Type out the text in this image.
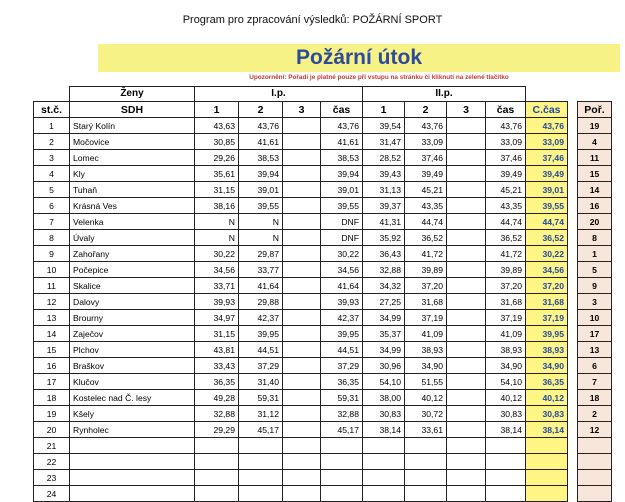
Program pro zpracování výsledků: POŽÁRNÍ SPORT
Požární útok
Upozornění: Pořadí je platné pouze při vstupu na stránku či kliknutí na zelené tlačítko
	Ženy	I.p.				II.p.						
st.č.	SDH	1	2	3	čas	1	2	3	čas	C.čas		Poř.
1	Starý Kolín	43,63	43,76		43,76	39,54	43,76		43,76	43,76		19
2	Močovice	30,85	41,61		41,61	31,47	33,09		33,09	33,09		4
3	Lomec	29,26	38,53		38,53	28,52	37,46		37,46	37,46		11
4	Kly	35,61	39,94		39,94	39,43	39,49		39,49	39,49		15
5	Tuhaň	31,15	39,01		39,01	31,13	45,21		45,21	39,01		14
6	Krásná Ves	38,16	39,55		39,55	39,37	43,35		43,35	39,55		16
7	Velenka	N	N		DNF	41,31	44,74		44,74	44,74		20
8	Úvaly	N	N		DNF	35,92	36,52		36,52	36,52		8
9	Zahořany	30,22	29,87		30,22	36,43	41,72		41,72	30,22		1
10	Počepice	34,56	33,77		34,56	32,88	39,89		39,89	34,56		5
11	Skalice	33,71	41,64		41,64	34,32	37,20		37,20	37,20		9
12	Dalovy	39,93	29,88		39,93	27,25	31,68		31,68	31,68		3
13	Brourny	34,97	42,37		42,37	34,99	37,19		37,19	37,19		10
14	Zaječov	31,15	39,95		39,95	35,37	41,09		41,09	39,95		17
15	Plchov	43,81	44,51		44,51	34,99	38,93		38,93	38,93		13
16	Braškov	33,43	37,29		37,29	30,96	34,90		34,90	34,90		6
17	Klučov	36,35	31,40		36,35	54,10	51,55		54,10	36,35		7
18	Kostelec nad Č. lesy	49,28	59,31		59,31	38,00	40,12		40,12	40,12		18
19	Kšely	32,88	31,12		32,88	30,83	30,72		30,83	30,83		2
20	Rynholec	29,29	45,17		45,17	38,14	33,61		38,14	38,14		12
21												
22												
23												
24												
